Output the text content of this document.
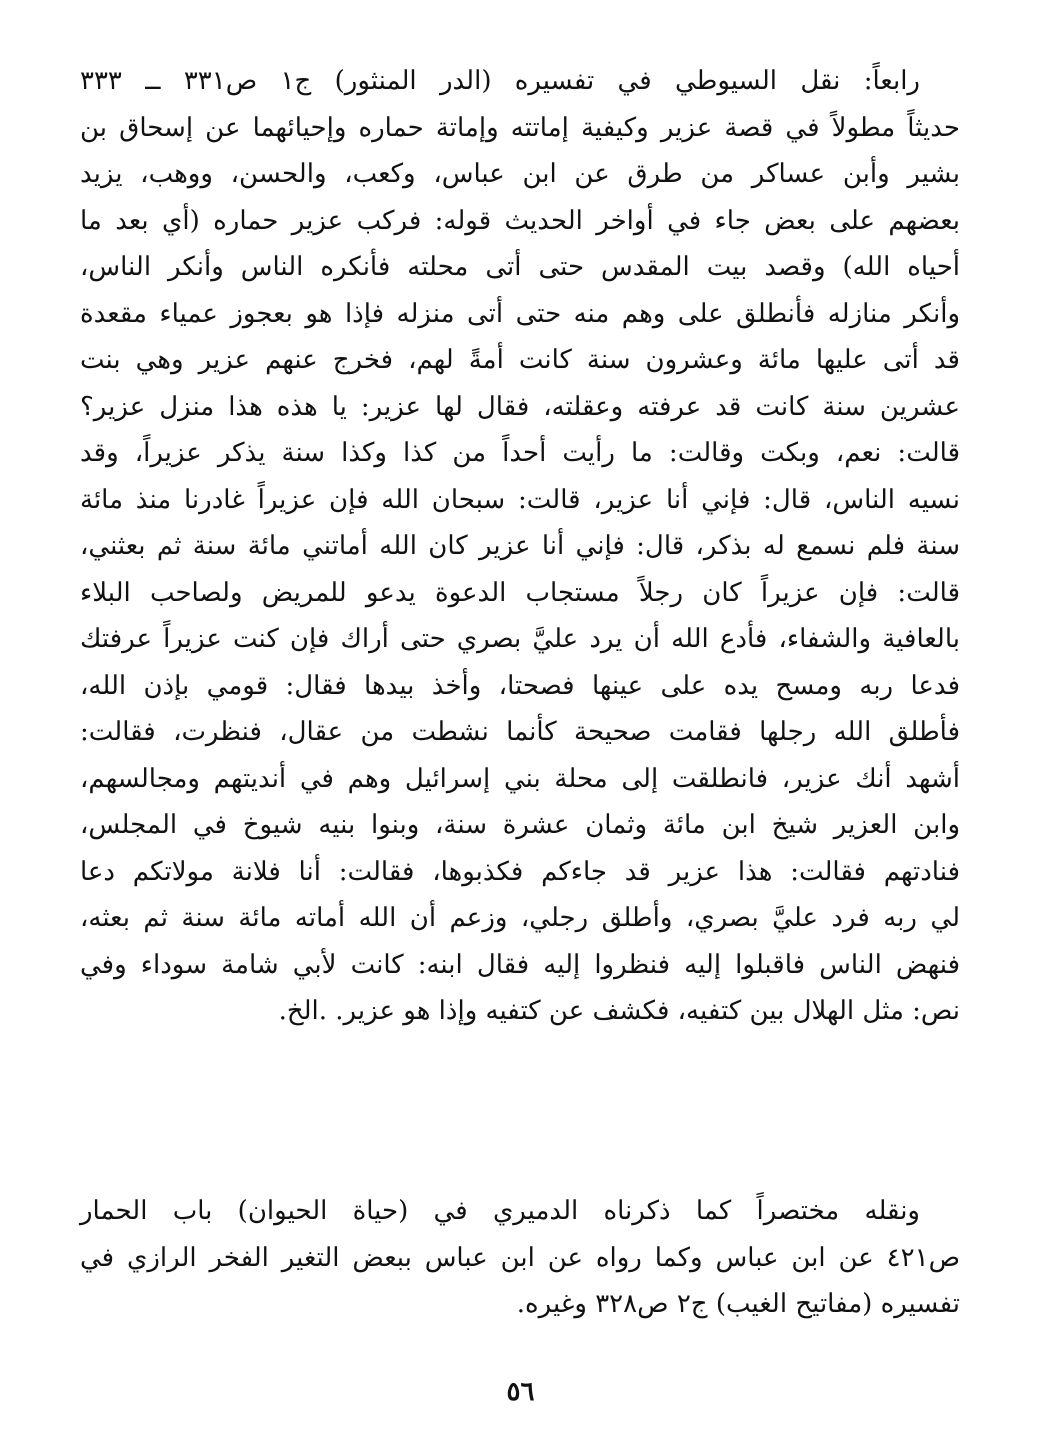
رابعاً: نقل السيوطي في تفسيره (الدر المنثور) ج١ ص٣٣١ ــ ٣٣٣
حديثاً مطولاً في قصة عزير وكيفية إماتته وإماتة حماره وإحيائهما عن إسحاق بن
بشير وأبن عساكر من طرق عن ابن عباس، وكعب، والحسن، ووهب، يزيد
بعضهم على بعض جاء في أواخر الحديث قوله: فركب عزير حماره (أي بعد ما
أحياه الله) وقصد بيت المقدس حتى أتى محلته فأنكره الناس وأنكر الناس،
وأنكر منازله فأنطلق على وهم منه حتى أتى منزله فإذا هو بعجوز عمياء مقعدة
قد أتى عليها مائة وعشرون سنة كانت أمةً لهم، فخرج عنهم عزير وهي بنت
عشرين سنة كانت قد عرفته وعقلته، فقال لها عزير: يا هذه هذا منزل عزير؟
قالت: نعم، وبكت وقالت: ما رأيت أحداً من كذا وكذا سنة يذكر عزيراً، وقد
نسيه الناس، قال: فإني أنا عزير، قالت: سبحان الله فإن عزيراً غادرنا منذ مائة
سنة فلم نسمع له بذكر، قال: فإني أنا عزير كان الله أماتني مائة سنة ثم بعثني،
قالت: فإن عزيراً كان رجلاً مستجاب الدعوة يدعو للمريض ولصاحب البلاء
بالعافية والشفاء، فأدع الله أن يرد عليَّ بصري حتى أراك فإن كنت عزيراً عرفتك
فدعا ربه ومسح يده على عينها فصحتا، وأخذ بيدها فقال: قومي بإذن الله،
فأطلق الله رجلها فقامت صحيحة كأنما نشطت من عقال، فنظرت، فقالت:
أشهد أنك عزير، فانطلقت إلى محلة بني إسرائيل وهم في أنديتهم ومجالسهم،
وابن العزير شيخ ابن مائة وثمان عشرة سنة، وبنوا بنيه شيوخ في المجلس،
فنادتهم فقالت: هذا عزير قد جاءكم فكذبوها، فقالت: أنا فلانة مولاتكم دعا
لي ربه فرد عليَّ بصري، وأطلق رجلي، وزعم أن الله أماته مائة سنة ثم بعثه،
فنهض الناس فاقبلوا إليه فنظروا إليه فقال ابنه: كانت لأبي شامة سوداء وفي
نص: مثل الهلال بين كتفيه، فكشف عن كتفيه وإذا هو عزير. .الخ.
ونقله مختصراً كما ذكرناه الدميري في (حياة الحيوان) باب الحمار
ص٤٢١ عن ابن عباس وكما رواه عن ابن عباس ببعض التغير الفخر الرازي في
تفسيره (مفاتيح الغيب) ج٢ ص٣٢٨ وغيره.
٥٦
